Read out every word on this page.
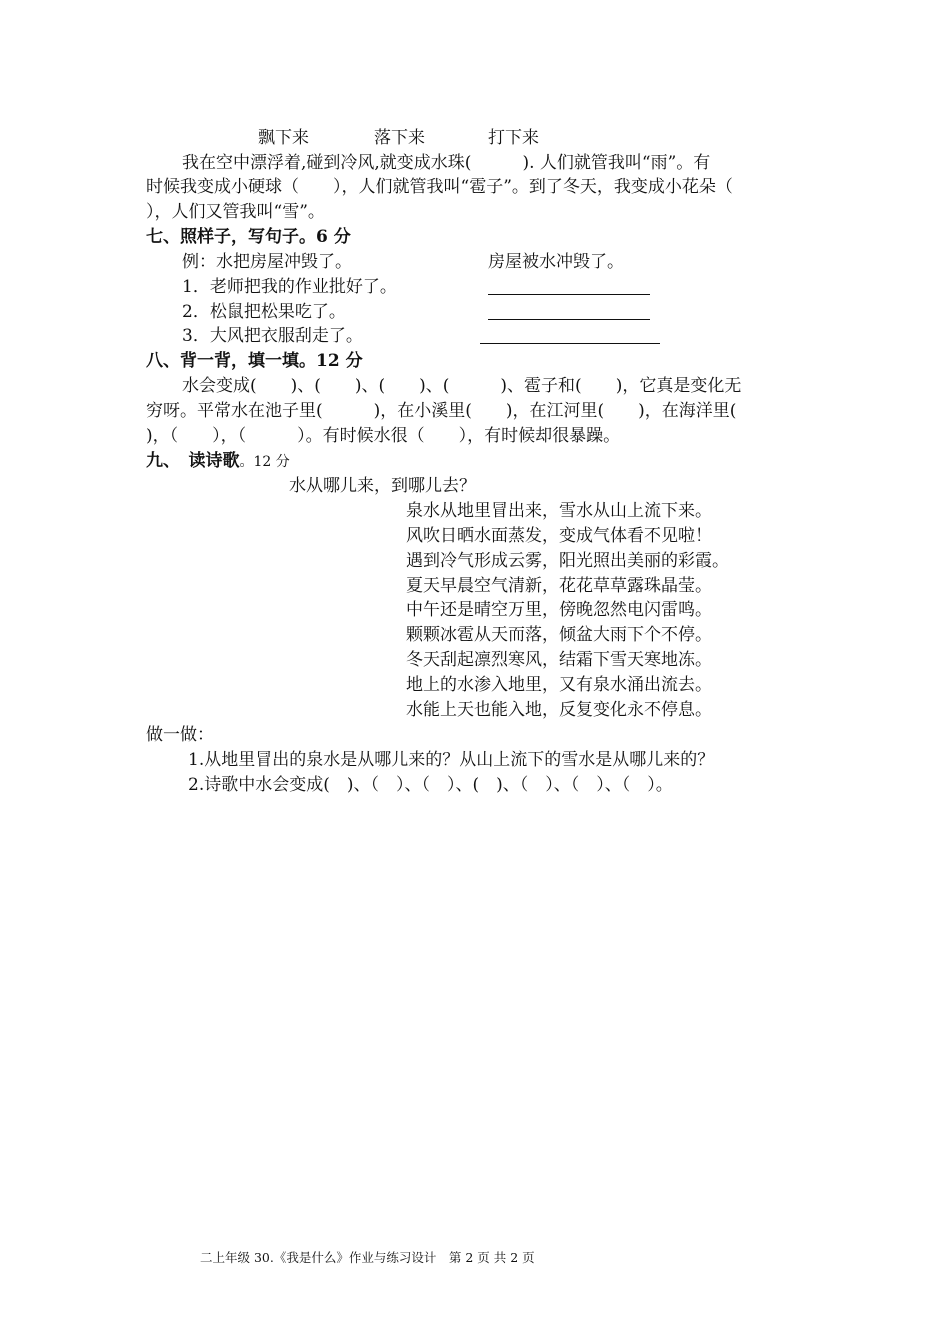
飘下来	落下来	打下来
我在空中漂浮着,碰到冷风,就变成水珠(　　　). 人们就管我叫“雨”。有
时候我变成小硬球（　　），人们就管我叫“雹子”。到了冬天，我变成小花朵（
），人们又管我叫“雪”。
七、照样子，写句子。6 分
例：水把房屋冲毁了。	房屋被水冲毁了。
1．老师把我的作业批好了。
2．松鼠把松果吃了。
3．大风把衣服刮走了。
八、背一背，填一填。12 分
水会变成(　　)、(　　)、(　　)、(　　　)、雹子和(　　)，它真是变化无
穷呀。平常水在池子里(　　　)，在小溪里(　　)，在江河里(　　)，在海洋里(
)，（　　），（　　　）。有时候水很（　　），有时候却很暴躁。
九、　读诗歌。12 分
水从哪儿来，到哪儿去？
泉水从地里冒出来，雪水从山上流下来。
风吹日晒水面蒸发，变成气体看不见啦！
遇到冷气形成云雾，阳光照出美丽的彩霞。
夏天早晨空气清新，花花草草露珠晶莹。
中午还是晴空万里，傍晚忽然电闪雷鸣。
颗颗冰雹从天而落，倾盆大雨下个不停。
冬天刮起凛烈寒风，结霜下雪天寒地冻。
地上的水渗入地里，又有泉水涌出流去。
水能上天也能入地，反复变化永不停息。
做一做：
1.从地里冒出的泉水是从哪儿来的？从山上流下的雪水是从哪儿来的？
2.诗歌中水会变成(　)、（　）、（　）、(　)、（　）、（　）、（　）。
二上年级 30.《我是什么》作业与练习设计　第 2 页 共 2 页
